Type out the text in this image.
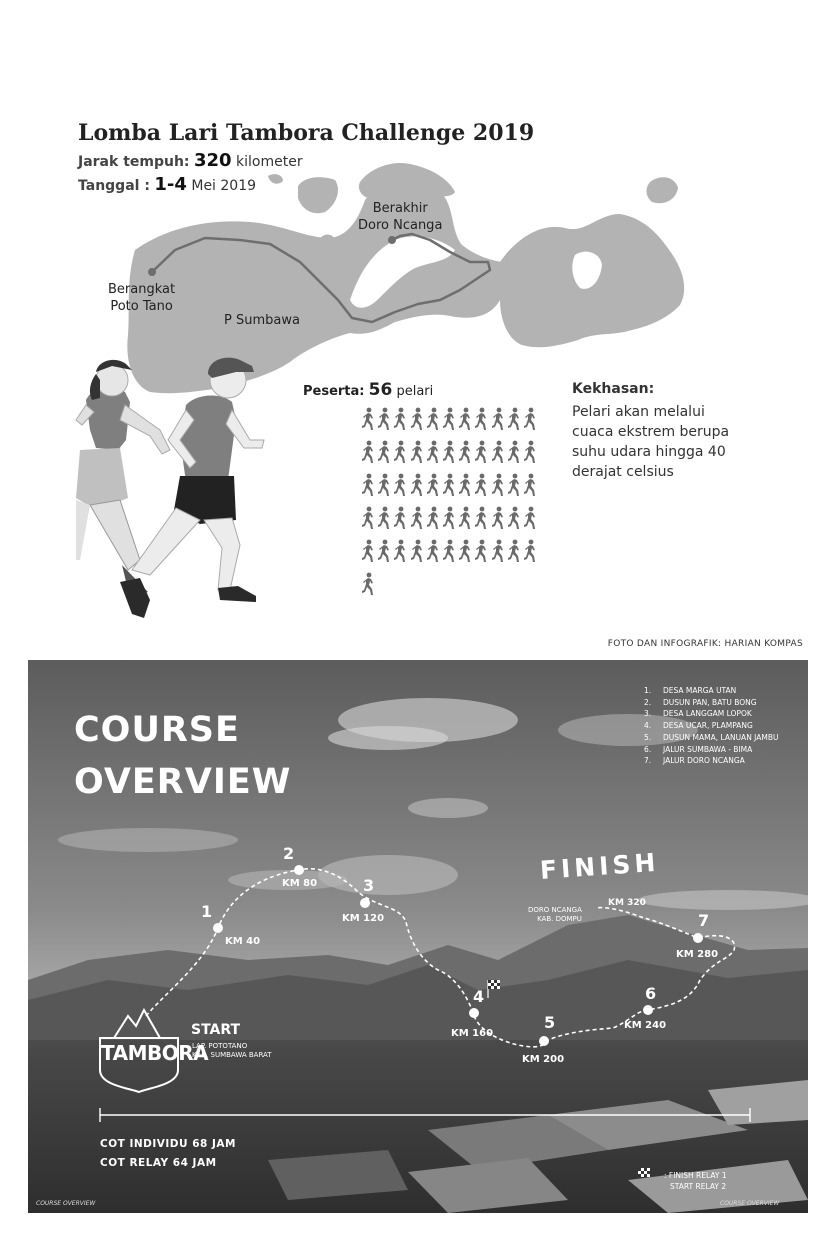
Lomba Lari Tambora Challenge 2019
Jarak tempuh: 320 kilometer
Tanggal : 1-4 Mei 2019
Berakhir
Doro Ncanga
Berangkat
Poto Tano
P Sumbawa
Peserta: 56 pelari	Kekhasan:
Pelari akan melalui cuaca ekstrem berupa suhu udara hingga 40 derajat celsius
FOTO DAN INFOGRAFIK: HARIAN KOMPAS
COURSE
OVERVIEW
1. DESA MARGA UTAN
2. DUSUN PAN, BATU BONG
3. DESA LANGGAM LOPOK
4. DESA UCAR, PLAMPANG
5. DUSUN MAMA, LANUAN JAMBU
6. JALUR SUMBAWA - BIMA
7. JALUR DORO NCANGA
1
KM 40
2
KM 80	3
KM 120
4
KM 160
5
KM 200
6
KM 240
7
KM 280
FINISH
KM 320
DORO NCANGA
KAB. DOMPU
TAMBORA
START
LAP. POTOTANO
KAB. SUMBAWA BARAT
COT INDIVIDU 68 JAM
COT RELAY 64 JAM
: FINISH RELAY 1
START RELAY 2
COURSE OVERVIEW	COURSE OVERVIEW
